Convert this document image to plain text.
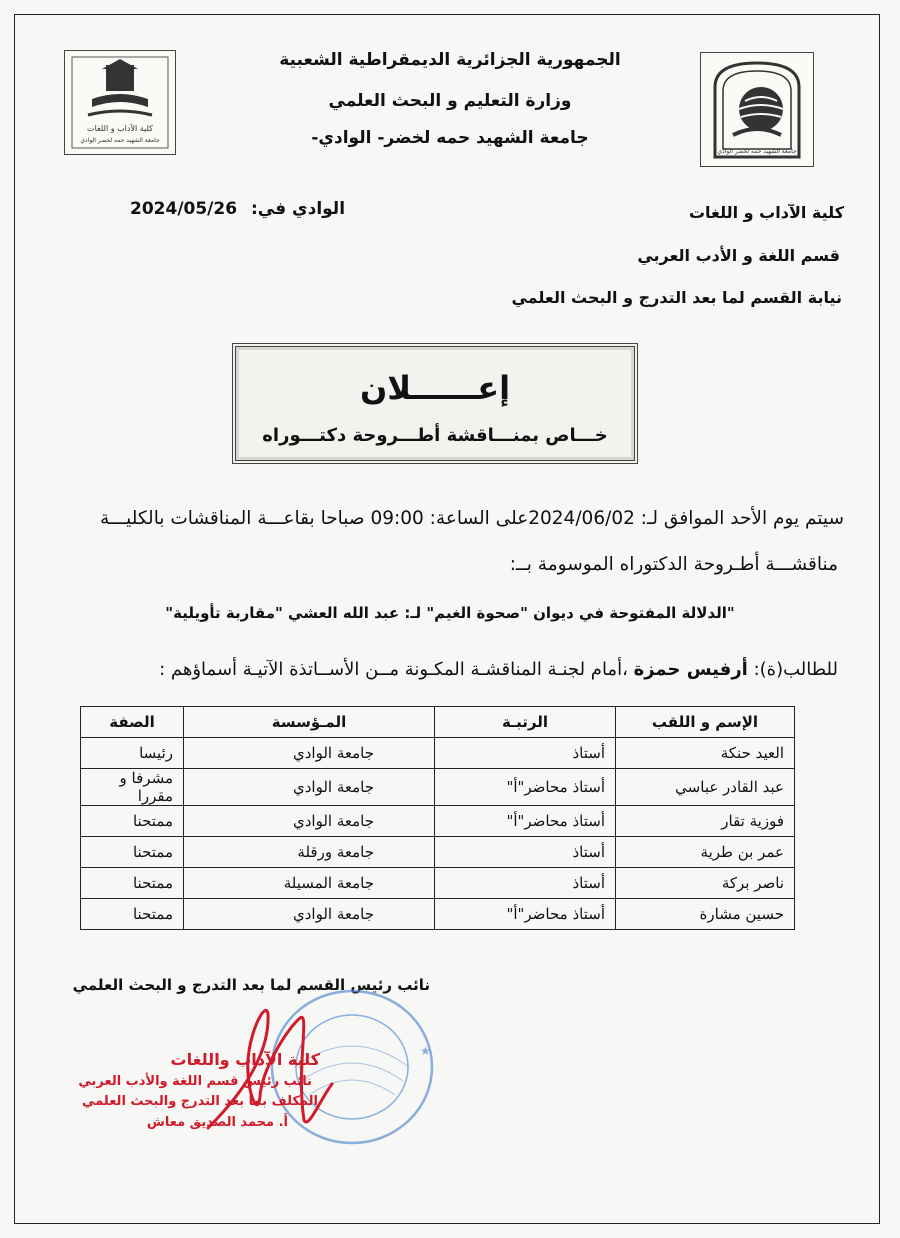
الجمهورية الجزائرية الديمقراطية الشعبية
وزارة التعليم و البحث العلمي
جامعة الشهيد حمه لخضر- الوادي-
كلية الآداب و اللغات
جامعة الشهيد حمه لخضر الوادي
جامعة الشهيد حمه لخضر الوادي
الوادي في: 2024/05/26	كلية الآداب و اللغات
قسم اللغة و الأدب العربي
نيابة القسم لما بعد التدرج و البحث العلمي
إعــــــلان
خـــاص بمنـــاقشة أطـــروحة دكتـــوراه
سيتم يوم الأحد الموافق لـ: 2024/06/02على الساعة: 09:00 صباحا بقاعـــة المناقشات بالكليـــة
مناقشـــة أطـروحة الدكتوراه الموسومة بــ:
"الدلالة المفتوحة في ديوان "صحوة الغيم" لـ: عبد الله العشي "مقاربة تأويلية"
للطالب(ة): أرفيس حمزة ،أمام لجنـة المناقشـة المكـونة مــن الأســاتذة الآتيـة أسماؤهم :
الإسم و اللقب	الرتبـة	المـؤسسة	الصفة
العيد حنكة	أستاذ	جامعة الوادي	رئيسا
عبد القادر عباسي	أستاذ محاضر"أ"	جامعة الوادي	مشرفا و مقررا
فوزية تقار	أستاذ محاضر"أ"	جامعة الوادي	ممتحنا
عمر بن طرية	أستاذ	جامعة ورقلة	ممتحنا
ناصر بركة	أستاذ	جامعة المسيلة	ممتحنا
حسين مشارة	أستاذ محاضر"أ"	جامعة الوادي	ممتحنا
نائب رئيس القسم لما بعد التدرج و البحث العلمي
★
كلية الآداب واللغات
نائب رئيس قسم اللغة والأدب العربي
المكلف بما بعد التدرج والبحث العلمي
أ. محمد الصديق معاش
